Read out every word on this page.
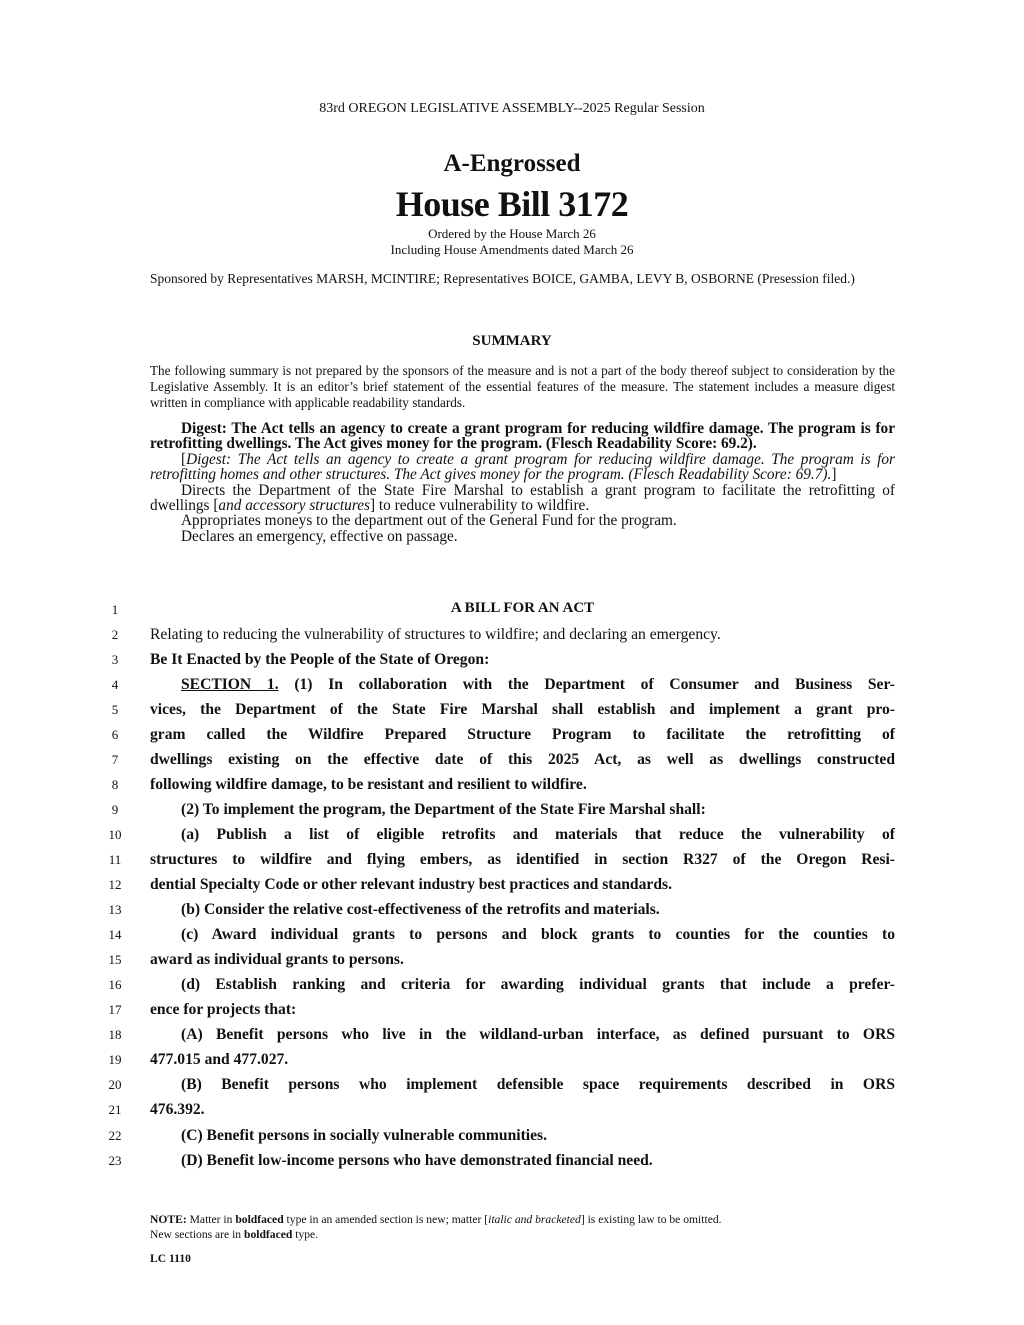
83rd OREGON LEGISLATIVE ASSEMBLY--2025 Regular Session
A-Engrossed
House Bill 3172
Ordered by the House March 26
Including House Amendments dated March 26
Sponsored by Representatives MARSH, MCINTIRE; Representatives BOICE, GAMBA, LEVY B, OSBORNE (Presession filed.)
SUMMARY
The following summary is not prepared by the sponsors of the measure and is not a part of the body thereof subject to consideration by the Legislative Assembly. It is an editor’s brief statement of the essential features of the measure. The statement includes a measure digest written in compliance with applicable readability standards.

Digest: The Act tells an agency to create a grant program for reducing wildfire damage. The program is for retrofitting dwellings. The Act gives money for the program. (Flesch Readability Score: 69.2).

[Digest: The Act tells an agency to create a grant program for reducing wildfire damage. The program is for retrofitting homes and other structures. The Act gives money for the program. (Flesch Readability Score: 69.7).]

Directs the Department of the State Fire Marshal to establish a grant program to facilitate the retrofitting of dwellings [and accessory structures] to reduce vulnerability to wildfire.

Appropriates moneys to the department out of the General Fund for the program.

Declares an emergency, effective on passage.

A BILL FOR AN ACT
1
2
3
4
5
6
7
8
9
10
11
12
13
14
15
16
17
18
19
20
21
22
23
Relating to reducing the vulnerability of structures to wildfire; and declaring an emergency.
Be It Enacted by the People of the State of Oregon:
SECTION 1. (1) In collaboration with the Department of Consumer and Business Ser-
vices, the Department of the State Fire Marshal shall establish and implement a grant pro-
gram called the Wildfire Prepared Structure Program to facilitate the retrofitting of
dwellings existing on the effective date of this 2025 Act, as well as dwellings constructed
following wildfire damage, to be resistant and resilient to wildfire.
(2) To implement the program, the Department of the State Fire Marshal shall:
(a) Publish a list of eligible retrofits and materials that reduce the vulnerability of
structures to wildfire and flying embers, as identified in section R327 of the Oregon Resi-
dential Specialty Code or other relevant industry best practices and standards.
(b) Consider the relative cost-effectiveness of the retrofits and materials.
(c) Award individual grants to persons and block grants to counties for the counties to
award as individual grants to persons.
(d) Establish ranking and criteria for awarding individual grants that include a prefer-
ence for projects that:
(A) Benefit persons who live in the wildland-urban interface, as defined pursuant to ORS
477.015 and 477.027.
(B) Benefit persons who implement defensible space requirements described in ORS
476.392.
(C) Benefit persons in socially vulnerable communities.
(D) Benefit low-income persons who have demonstrated financial need.
NOTE: Matter in boldfaced type in an amended section is new; matter [italic and bracketed] is existing law to be omitted.
New sections are in boldfaced type.
LC 1110
